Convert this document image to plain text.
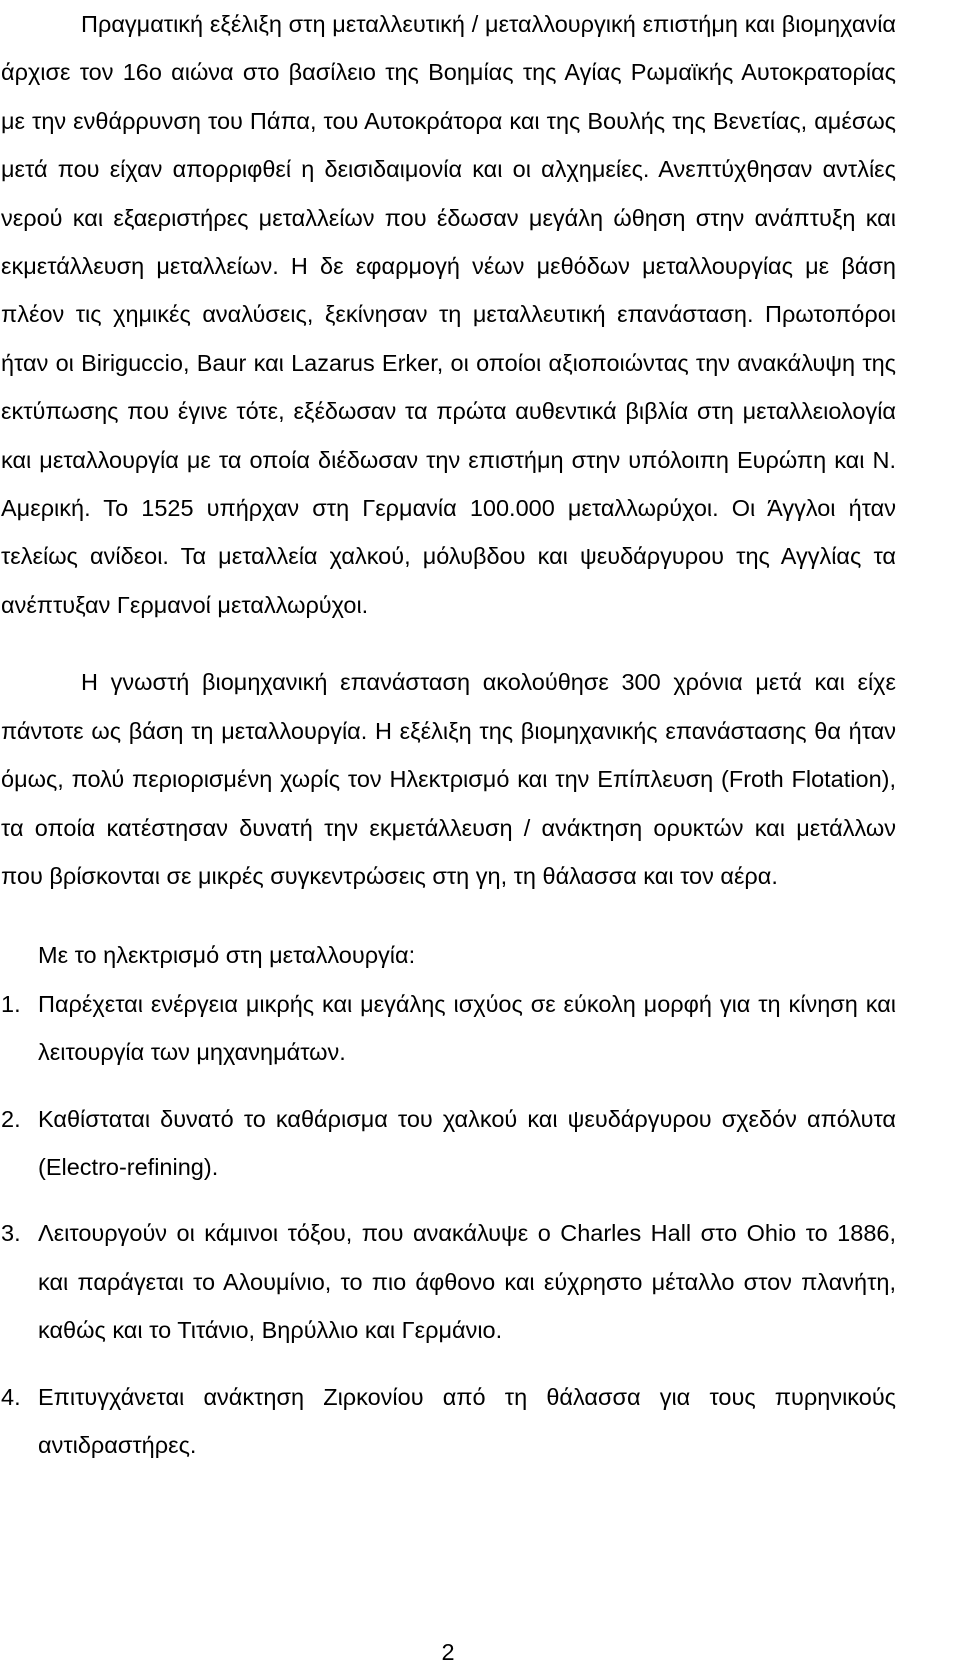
Πραγματική εξέλιξη στη μεταλλευτική / μεταλλουργική επιστήμη και βιομηχανία άρχισε τον 16ο αιώνα στο βασίλειο της Βοημίας της Αγίας Ρωμαϊκής Αυτοκρατορίας με την ενθάρρυνση του Πάπα, του Αυτοκράτορα και της Βουλής της Βενετίας, αμέσως μετά που είχαν απορριφθεί η δεισιδαιμονία και οι αλχημείες. Ανεπτύχθησαν αντλίες νερού και εξαεριστήρες μεταλλείων που έδωσαν μεγάλη ώθηση στην ανάπτυξη και εκμετάλλευση μεταλλείων. Η δε εφαρμογή νέων μεθόδων μεταλλουργίας με βάση πλέον τις χημικές αναλύσεις, ξεκίνησαν τη μεταλλευτική επανάσταση. Πρωτοπόροι ήταν οι Biriguccio, Baur και Lazarus Erker, οι οποίοι αξιοποιώντας την ανακάλυψη της εκτύπωσης που έγινε τότε, εξέδωσαν τα πρώτα αυθεντικά βιβλία στη μεταλλειολογία και μεταλλουργία με τα οποία διέδωσαν την επιστήμη στην υπόλοιπη Ευρώπη και Ν. Αμερική. Το 1525 υπήρχαν στη Γερμανία 100.000 μεταλλωρύχοι. Οι Άγγλοι ήταν τελείως ανίδεοι. Τα μεταλλεία χαλκού, μόλυβδου και ψευδάργυρου της Αγγλίας τα ανέπτυξαν Γερμανοί μεταλλωρύχοι.

Η γνωστή βιομηχανική επανάσταση ακολούθησε 300 χρόνια μετά και είχε πάντοτε ως βάση τη μεταλλουργία. Η εξέλιξη της βιομηχανικής επανάστασης θα ήταν όμως, πολύ περιορισμένη χωρίς τον Ηλεκτρισμό και την Επίπλευση (Froth Flotation), τα οποία κατέστησαν δυνατή την εκμετάλλευση / ανάκτηση ορυκτών και μετάλλων που βρίσκονται σε μικρές συγκεντρώσεις στη γη, τη θάλασσα και τον αέρα.

Με το ηλεκτρισμό στη μεταλλουργία:

1. Παρέχεται ενέργεια μικρής και μεγάλης ισχύος σε εύκολη μορφή για τη κίνηση και λειτουργία των μηχανημάτων.
2. Καθίσταται δυνατό το καθάρισμα του χαλκού και ψευδάργυρου σχεδόν απόλυτα (Electro-refining).
3. Λειτουργούν οι κάμινοι τόξου, που ανακάλυψε ο Charles Hall στο Ohio το 1886, και παράγεται το Αλουμίνιο, το πιο άφθονο και εύχρηστο μέταλλο στον πλανήτη, καθώς και το Τιτάνιο, Βηρύλλιο και Γερμάνιο.
4. Επιτυγχάνεται ανάκτηση Ζιρκονίου από τη θάλασσα για τους πυρηνικούς αντιδραστήρες.
2
